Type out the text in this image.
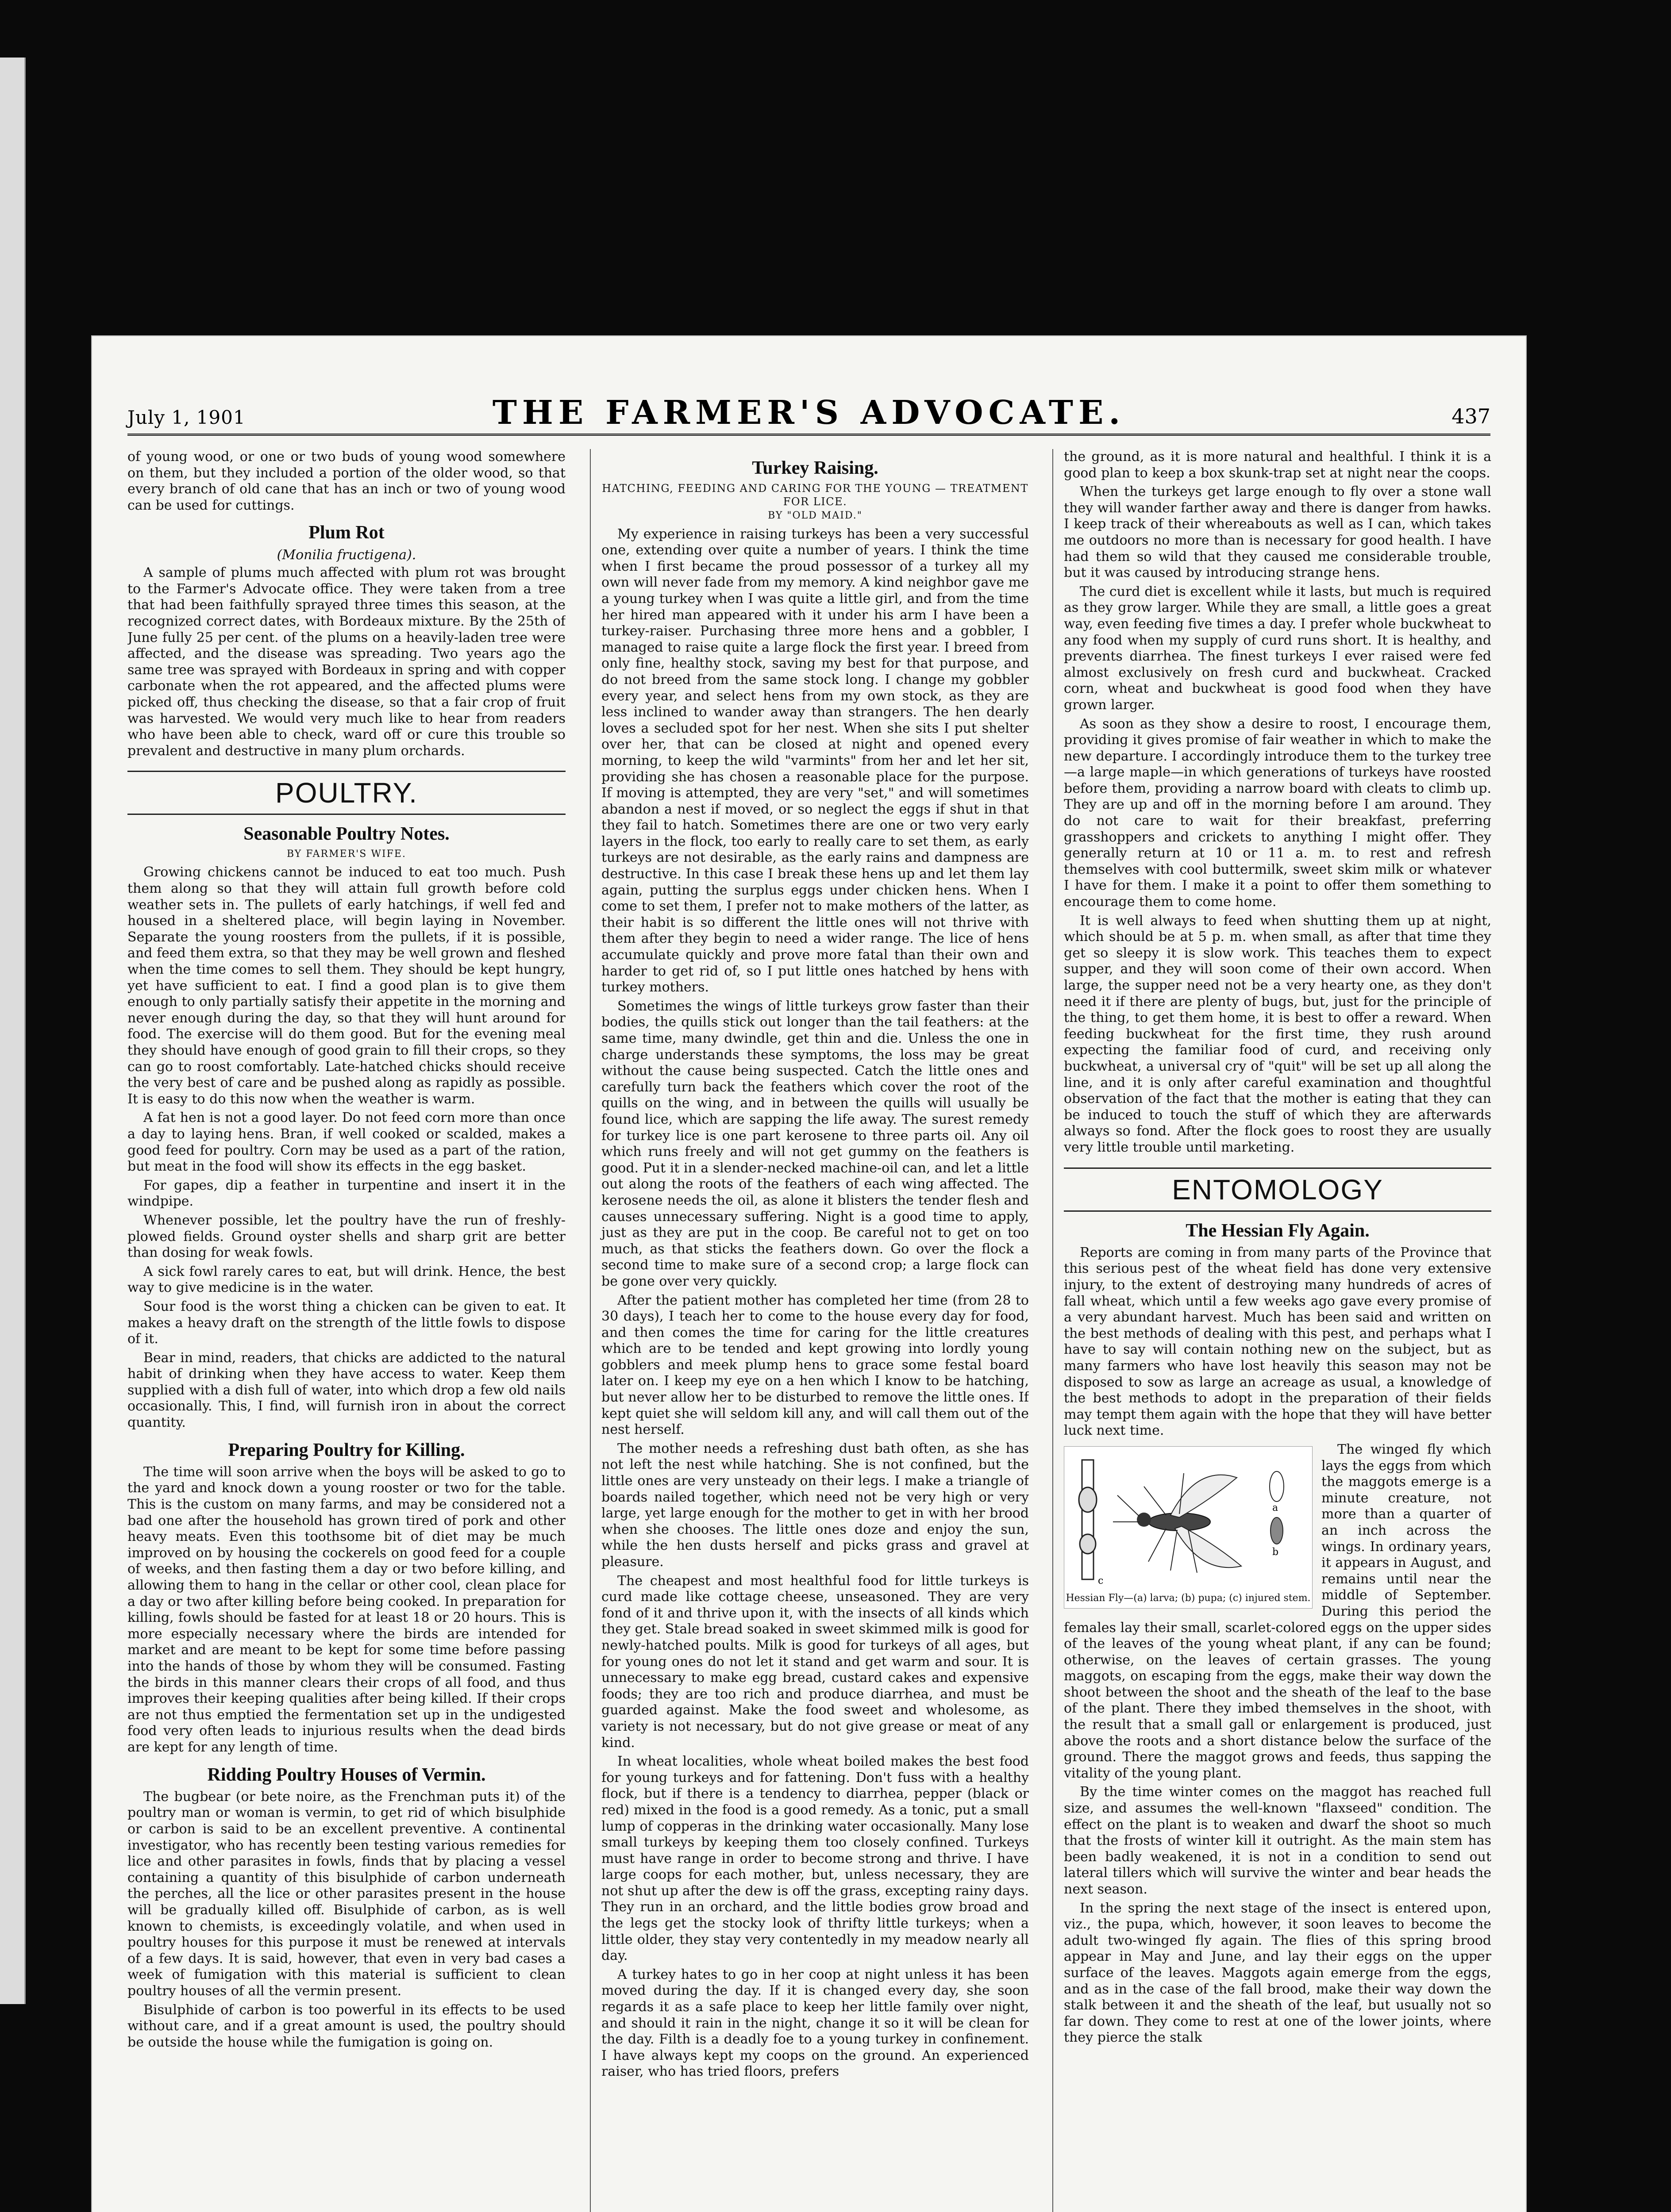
July 1, 1901	THE FARMER'S ADVOCATE.	437

of young wood, or one or two buds of young wood somewhere on them, but they included a portion of the older wood, so that every branch of old cane that has an inch or two of young wood can be used for cuttings.

Plum Rot
(Monilia fructigena).

A sample of plums much affected with plum rot was brought to the Farmer's Advocate office. They were taken from a tree that had been faithfully sprayed three times this season, at the recognized correct dates, with Bordeaux mixture. By the 25th of June fully 25 per cent. of the plums on a heavily-laden tree were affected, and the disease was spreading. Two years ago the same tree was sprayed with Bordeaux in spring and with copper carbonate when the rot appeared, and the affected plums were picked off, thus checking the disease, so that a fair crop of fruit was harvested. We would very much like to hear from readers who have been able to check, ward off or cure this trouble so prevalent and destructive in many plum orchards.

POULTRY.
Seasonable Poultry Notes.
BY FARMER'S WIFE.

Growing chickens cannot be induced to eat too much. Push them along so that they will attain full growth before cold weather sets in. The pullets of early hatchings, if well fed and housed in a sheltered place, will begin laying in November. Separate the young roosters from the pullets, if it is possible, and feed them extra, so that they may be well grown and fleshed when the time comes to sell them. They should be kept hungry, yet have sufficient to eat. I find a good plan is to give them enough to only partially satisfy their appetite in the morning and never enough during the day, so that they will hunt around for food. The exercise will do them good. But for the evening meal they should have enough of good grain to fill their crops, so they can go to roost comfortably. Late-hatched chicks should receive the very best of care and be pushed along as rapidly as possible. It is easy to do this now when the weather is warm.

A fat hen is not a good layer. Do not feed corn more than once a day to laying hens. Bran, if well cooked or scalded, makes a good feed for poultry. Corn may be used as a part of the ration, but meat in the food will show its effects in the egg basket.

For gapes, dip a feather in turpentine and insert it in the windpipe.

Whenever possible, let the poultry have the run of freshly-plowed fields. Ground oyster shells and sharp grit are better than dosing for weak fowls.

A sick fowl rarely cares to eat, but will drink. Hence, the best way to give medicine is in the water.

Sour food is the worst thing a chicken can be given to eat. It makes a heavy draft on the strength of the little fowls to dispose of it.

Bear in mind, readers, that chicks are addicted to the natural habit of drinking when they have access to water. Keep them supplied with a dish full of water, into which drop a few old nails occasionally. This, I find, will furnish iron in about the correct quantity.

Preparing Poultry for Killing.

The time will soon arrive when the boys will be asked to go to the yard and knock down a young rooster or two for the table. This is the custom on many farms, and may be considered not a bad one after the household has grown tired of pork and other heavy meats. Even this toothsome bit of diet may be much improved on by housing the cockerels on good feed for a couple of weeks, and then fasting them a day or two before killing, and allowing them to hang in the cellar or other cool, clean place for a day or two after killing before being cooked. In preparation for killing, fowls should be fasted for at least 18 or 20 hours. This is more especially necessary where the birds are intended for market and are meant to be kept for some time before passing into the hands of those by whom they will be consumed. Fasting the birds in this manner clears their crops of all food, and thus improves their keeping qualities after being killed. If their crops are not thus emptied the fermentation set up in the undigested food very often leads to injurious results when the dead birds are kept for any length of time.

Ridding Poultry Houses of Vermin.

The bugbear (or bete noire, as the Frenchman puts it) of the poultry man or woman is vermin, to get rid of which bisulphide or carbon is said to be an excellent preventive. A continental investigator, who has recently been testing various remedies for lice and other parasites in fowls, finds that by placing a vessel containing a quantity of this bisulphide of carbon underneath the perches, all the lice or other parasites present in the house will be gradually killed off. Bisulphide of carbon, as is well known to chemists, is exceedingly volatile, and when used in poultry houses for this purpose it must be renewed at intervals of a few days. It is said, however, that even in very bad cases a week of fumigation with this material is sufficient to clean poultry houses of all the vermin present.

Bisulphide of carbon is too powerful in its effects to be used without care, and if a great amount is used, the poultry should be outside the house while the fumigation is going on.

Turkey Raising.
HATCHING, FEEDING AND CARING FOR THE YOUNG — TREATMENT FOR LICE.
BY "OLD MAID."

My experience in raising turkeys has been a very successful one, extending over quite a number of years. I think the time when I first became the proud possessor of a turkey all my own will never fade from my memory. A kind neighbor gave me a young turkey when I was quite a little girl, and from the time her hired man appeared with it under his arm I have been a turkey-raiser. Purchasing three more hens and a gobbler, I managed to raise quite a large flock the first year. I breed from only fine, healthy stock, saving my best for that purpose, and do not breed from the same stock long. I change my gobbler every year, and select hens from my own stock, as they are less inclined to wander away than strangers. The hen dearly loves a secluded spot for her nest. When she sits I put shelter over her, that can be closed at night and opened every morning, to keep the wild "varmints" from her and let her sit, providing she has chosen a reasonable place for the purpose. If moving is attempted, they are very "set," and will sometimes abandon a nest if moved, or so neglect the eggs if shut in that they fail to hatch. Sometimes there are one or two very early layers in the flock, too early to really care to set them, as early turkeys are not desirable, as the early rains and dampness are destructive. In this case I break these hens up and let them lay again, putting the surplus eggs under chicken hens. When I come to set them, I prefer not to make mothers of the latter, as their habit is so different the little ones will not thrive with them after they begin to need a wider range. The lice of hens accumulate quickly and prove more fatal than their own and harder to get rid of, so I put little ones hatched by hens with turkey mothers.

Sometimes the wings of little turkeys grow faster than their bodies, the quills stick out longer than the tail feathers: at the same time, many dwindle, get thin and die. Unless the one in charge understands these symptoms, the loss may be great without the cause being suspected. Catch the little ones and carefully turn back the feathers which cover the root of the quills on the wing, and in between the quills will usually be found lice, which are sapping the life away. The surest remedy for turkey lice is one part kerosene to three parts oil. Any oil which runs freely and will not get gummy on the feathers is good. Put it in a slender-necked machine-oil can, and let a little out along the roots of the feathers of each wing affected. The kerosene needs the oil, as alone it blisters the tender flesh and causes unnecessary suffering. Night is a good time to apply, just as they are put in the coop. Be careful not to get on too much, as that sticks the feathers down. Go over the flock a second time to make sure of a second crop; a large flock can be gone over very quickly.

After the patient mother has completed her time (from 28 to 30 days), I teach her to come to the house every day for food, and then comes the time for caring for the little creatures which are to be tended and kept growing into lordly young gobblers and meek plump hens to grace some festal board later on. I keep my eye on a hen which I know to be hatching, but never allow her to be disturbed to remove the little ones. If kept quiet she will seldom kill any, and will call them out of the nest herself.

The mother needs a refreshing dust bath often, as she has not left the nest while hatching. She is not confined, but the little ones are very unsteady on their legs. I make a triangle of boards nailed together, which need not be very high or very large, yet large enough for the mother to get in with her brood when she chooses. The little ones doze and enjoy the sun, while the hen dusts herself and picks grass and gravel at pleasure.

The cheapest and most healthful food for little turkeys is curd made like cottage cheese, unseasoned. They are very fond of it and thrive upon it, with the insects of all kinds which they get. Stale bread soaked in sweet skimmed milk is good for newly-hatched poults. Milk is good for turkeys of all ages, but for young ones do not let it stand and get warm and sour. It is unnecessary to make egg bread, custard cakes and expensive foods; they are too rich and produce diarrhea, and must be guarded against. Make the food sweet and wholesome, as variety is not necessary, but do not give grease or meat of any kind.

In wheat localities, whole wheat boiled makes the best food for young turkeys and for fattening. Don't fuss with a healthy flock, but if there is a tendency to diarrhea, pepper (black or red) mixed in the food is a good remedy. As a tonic, put a small lump of copperas in the drinking water occasionally. Many lose small turkeys by keeping them too closely confined. Turkeys must have range in order to become strong and thrive. I have large coops for each mother, but, unless necessary, they are not shut up after the dew is off the grass, excepting rainy days. They run in an orchard, and the little bodies grow broad and the legs get the stocky look of thrifty little turkeys; when a little older, they stay very contentedly in my meadow nearly all day.

A turkey hates to go in her coop at night unless it has been moved during the day. If it is changed every day, she soon regards it as a safe place to keep her little family over night, and should it rain in the night, change it so it will be clean for the day. Filth is a deadly foe to a young turkey in confinement. I have always kept my coops on the ground. An experienced raiser, who has tried floors, prefers

the ground, as it is more natural and healthful. I think it is a good plan to keep a box skunk-trap set at night near the coops.

When the turkeys get large enough to fly over a stone wall they will wander farther away and there is danger from hawks. I keep track of their whereabouts as well as I can, which takes me outdoors no more than is necessary for good health. I have had them so wild that they caused me considerable trouble, but it was caused by introducing strange hens.

The curd diet is excellent while it lasts, but much is required as they grow larger. While they are small, a little goes a great way, even feeding five times a day. I prefer whole buckwheat to any food when my supply of curd runs short. It is healthy, and prevents diarrhea. The finest turkeys I ever raised were fed almost exclusively on fresh curd and buckwheat. Cracked corn, wheat and buckwheat is good food when they have grown larger.

As soon as they show a desire to roost, I encourage them, providing it gives promise of fair weather in which to make the new departure. I accordingly introduce them to the turkey tree—a large maple—in which generations of turkeys have roosted before them, providing a narrow board with cleats to climb up. They are up and off in the morning before I am around. They do not care to wait for their breakfast, preferring grasshoppers and crickets to anything I might offer. They generally return at 10 or 11 a. m. to rest and refresh themselves with cool buttermilk, sweet skim milk or whatever I have for them. I make it a point to offer them something to encourage them to come home.

It is well always to feed when shutting them up at night, which should be at 5 p. m. when small, as after that time they get so sleepy it is slow work. This teaches them to expect supper, and they will soon come of their own accord. When large, the supper need not be a very hearty one, as they don't need it if there are plenty of bugs, but, just for the principle of the thing, to get them home, it is best to offer a reward. When feeding buckwheat for the first time, they rush around expecting the familiar food of curd, and receiving only buckwheat, a universal cry of "quit" will be set up all along the line, and it is only after careful examination and thoughtful observation of the fact that the mother is eating that they can be induced to touch the stuff of which they are afterwards always so fond. After the flock goes to roost they are usually very little trouble until marketing.

ENTOMOLOGY
The Hessian Fly Again.

Reports are coming in from many parts of the Province that this serious pest of the wheat field has done very extensive injury, to the extent of destroying many hundreds of acres of fall wheat, which until a few weeks ago gave every promise of a very abundant harvest. Much has been said and written on the best methods of dealing with this pest, and perhaps what I have to say will contain nothing new on the subject, but as many farmers who have lost heavily this season may not be disposed to sow as large an acreage as usual, a knowledge of the best methods to adopt in the preparation of their fields may tempt them again with the hope that they will have better luck next time.

a
b
c
Hessian Fly—(a) larva; (b) pupa; (c) injured stem.

The winged fly which lays the eggs from which the maggots emerge is a minute creature, not more than a quarter of an inch across the wings. In ordinary years, it appears in August, and remains until near the middle of September. During this period the females lay their small, scarlet-colored eggs on the upper sides of the leaves of the young wheat plant, if any can be found; otherwise, on the leaves of certain grasses. The young maggots, on escaping from the eggs, make their way down the shoot between the shoot and the sheath of the leaf to the base of the plant. There they imbed themselves in the shoot, with the result that a small gall or enlargement is produced, just above the roots and a short distance below the surface of the ground. There the maggot grows and feeds, thus sapping the vitality of the young plant.

By the time winter comes on the maggot has reached full size, and assumes the well-known "flaxseed" condition. The effect on the plant is to weaken and dwarf the shoot so much that the frosts of winter kill it outright. As the main stem has been badly weakened, it is not in a condition to send out lateral tillers which will survive the winter and bear heads the next season.

In the spring the next stage of the insect is entered upon, viz., the pupa, which, however, it soon leaves to become the adult two-winged fly again. The flies of this spring brood appear in May and June, and lay their eggs on the upper surface of the leaves. Maggots again emerge from the eggs, and as in the case of the fall brood, make their way down the stalk between it and the sheath of the leaf, but usually not so far down. They come to rest at one of the lower joints, where they pierce the stalk
